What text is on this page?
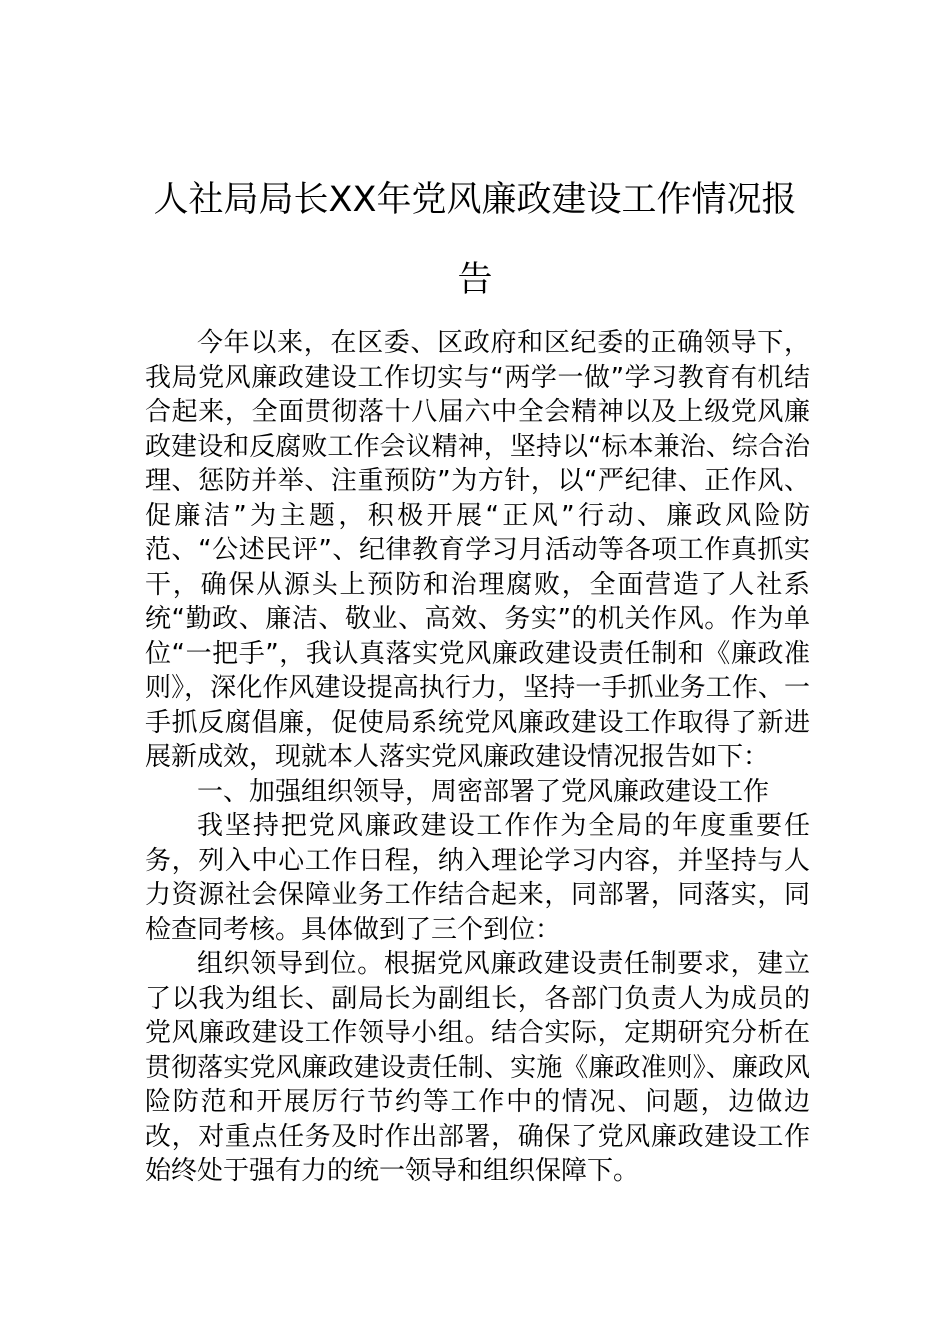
人社局局长XX年党风廉政建设工作情况报告

今年以来，在区委、区政府和区纪委的正确领导下，我局党风廉政建设工作切实与“两学一做”学习教育有机结合起来，全面贯彻落十八届六中全会精神以及上级党风廉政建设和反腐败工作会议精神，坚持以“标本兼治、综合治理、惩防并举、注重预防”为方针，以“严纪律、正作风、促廉洁”为主题，积极开展“正风”行动、廉政风险防范、“公述民评”、纪律教育学习月活动等各项工作真抓实干，确保从源头上预防和治理腐败，全面营造了人社系统“勤政、廉洁、敬业、高效、务实”的机关作风。作为单位“一把手”，我认真落实党风廉政建设责任制和《廉政准则》，深化作风建设提高执行力，坚持一手抓业务工作、一手抓反腐倡廉，促使局系统党风廉政建设工作取得了新进展新成效，现就本人落实党风廉政建设情况报告如下：

一、加强组织领导，周密部署了党风廉政建设工作

我坚持把党风廉政建设工作作为全局的年度重要任务，列入中心工作日程，纳入理论学习内容，并坚持与人力资源社会保障业务工作结合起来，同部署，同落实，同检查同考核。具体做到了三个到位：

组织领导到位。根据党风廉政建设责任制要求，建立了以我为组长、副局长为副组长，各部门负责人为成员的党风廉政建设工作领导小组。结合实际，定期研究分析在贯彻落实党风廉政建设责任制、实施《廉政准则》、廉政风险防范和开展厉行节约等工作中的情况、问题，边做边改，对重点任务及时作出部署，确保了党风廉政建设工作始终处于强有力的统一领导和组织保障下。
